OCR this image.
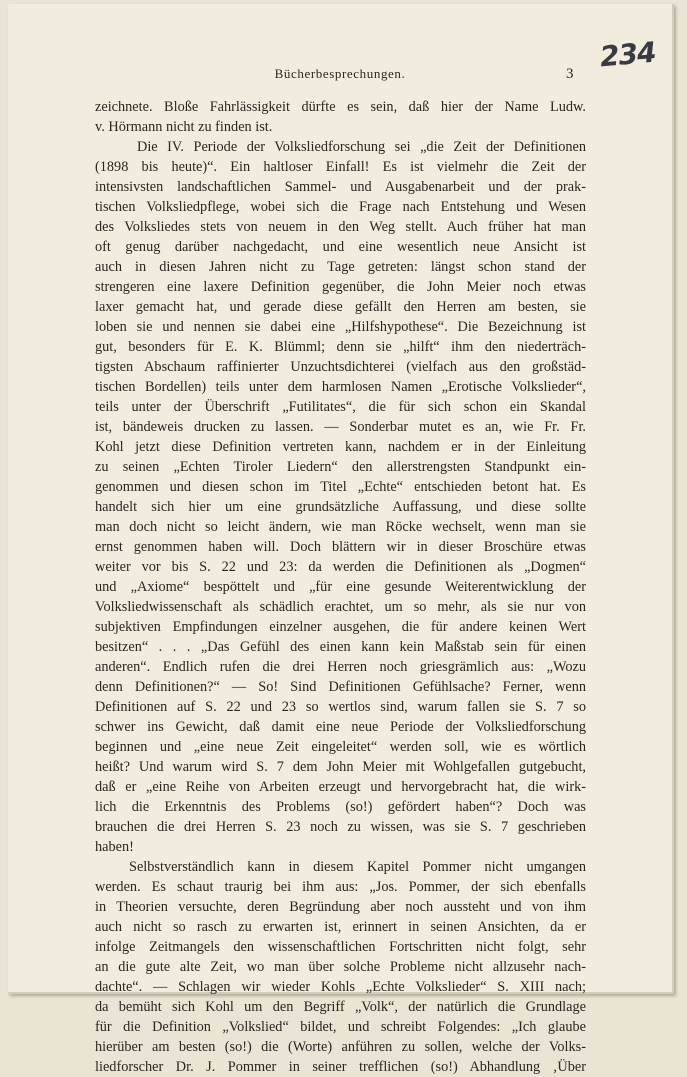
Bücherbesprechungen.	3
234
zeichnete. Bloße Fahrlässigkeit dürfte es sein, daß hier der Name Ludw.
v. Hörmann nicht zu finden ist.
Die IV. Periode der Volksliedforschung sei „die Zeit der Definitionen
(1898 bis heute)“. Ein haltloser Einfall! Es ist vielmehr die Zeit der
intensivsten landschaftlichen Sammel- und Ausgabenarbeit und der prak-
tischen Volksliedpflege, wobei sich die Frage nach Entstehung und Wesen
des Volksliedes stets von neuem in den Weg stellt. Auch früher hat man
oft genug darüber nachgedacht, und eine wesentlich neue Ansicht ist
auch in diesen Jahren nicht zu Tage getreten: längst schon stand der
strengeren eine laxere Definition gegenüber, die John Meier noch etwas
laxer gemacht hat, und gerade diese gefällt den Herren am besten, sie
loben sie und nennen sie dabei eine „Hilfshypothese“. Die Bezeichnung ist
gut, besonders für E. K. Blümml; denn sie „hilft“ ihm den niederträch-
tigsten Abschaum raffinierter Unzuchtsdichterei (vielfach aus den großstäd-
tischen Bordellen) teils unter dem harmlosen Namen „Erotische Volkslieder“,
teils unter der Überschrift „Futilitates“, die für sich schon ein Skandal
ist, bändeweis drucken zu lassen. — Sonderbar mutet es an, wie Fr. Fr.
Kohl jetzt diese Definition vertreten kann, nachdem er in der Einleitung
zu seinen „Echten Tiroler Liedern“ den allerstrengsten Standpunkt ein-
genommen und diesen schon im Titel „Echte“ entschieden betont hat. Es
handelt sich hier um eine grundsätzliche Auffassung, und diese sollte
man doch nicht so leicht ändern, wie man Röcke wechselt, wenn man sie
ernst genommen haben will. Doch blättern wir in dieser Broschüre etwas
weiter vor bis S. 22 und 23: da werden die Definitionen als „Dogmen“
und „Axiome“ bespöttelt und „für eine gesunde Weiterentwicklung der
Volksliedwissenschaft als schädlich erachtet, um so mehr, als sie nur von
subjektiven Empfindungen einzelner ausgehen, die für andere keinen Wert
besitzen“ . . . „Das Gefühl des einen kann kein Maßstab sein für einen
anderen“. Endlich rufen die drei Herren noch griesgrämlich aus: „Wozu
denn Definitionen?“ — So! Sind Definitionen Gefühlsache? Ferner, wenn
Definitionen auf S. 22 und 23 so wertlos sind, warum fallen sie S. 7 so
schwer ins Gewicht, daß damit eine neue Periode der Volksliedforschung
beginnen und „eine neue Zeit eingeleitet“ werden soll, wie es wörtlich
heißt? Und warum wird S. 7 dem John Meier mit Wohlgefallen gutgebucht,
daß er „eine Reihe von Arbeiten erzeugt und hervorgebracht hat, die wirk-
lich die Erkenntnis des Problems (so!) gefördert haben“? Doch was
brauchen die drei Herren S. 23 noch zu wissen, was sie S. 7 geschrieben
haben!
Selbstverständlich kann in diesem Kapitel Pommer nicht umgangen
werden. Es schaut traurig bei ihm aus: „Jos. Pommer, der sich ebenfalls
in Theorien versuchte, deren Begründung aber noch aussteht und von ihm
auch nicht so rasch zu erwarten ist, erinnert in seinen Ansichten, da er
infolge Zeitmangels den wissenschaftlichen Fortschritten nicht folgt, sehr
an die gute alte Zeit, wo man über solche Probleme nicht allzusehr nach-
dachte“. — Schlagen wir wieder Kohls „Echte Volkslieder“ S. XIII nach;
da bemüht sich Kohl um den Begriff „Volk“, der natürlich die Grundlage
für die Definition „Volkslied“ bildet, und schreibt Folgendes: „Ich glaube
hierüber am besten (so!) die (Worte) anführen zu sollen, welche der Volks-
liedforscher Dr. J. Pommer in seiner trefflichen (so!) Abhandlung ‚Über
